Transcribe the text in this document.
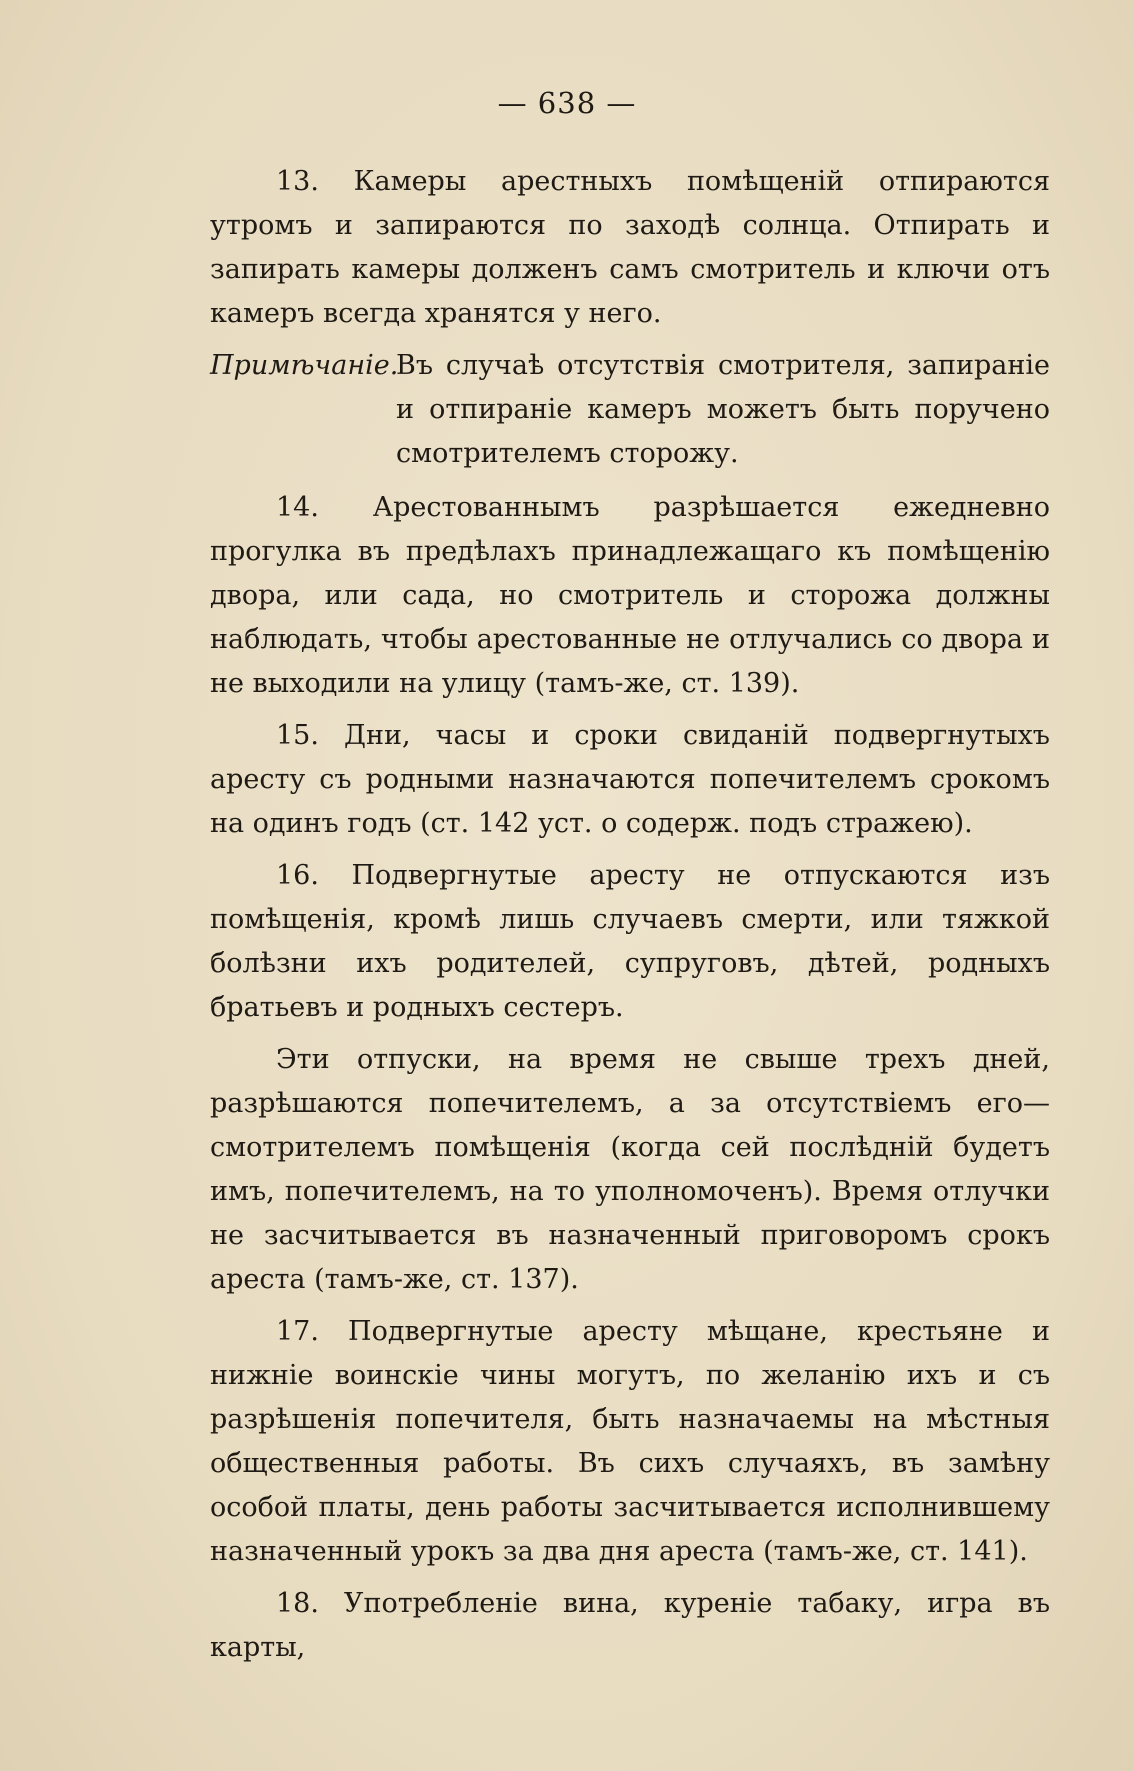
— 638 —

13. Камеры арестныхъ помѣщеній отпираются утромъ и запираются по заходѣ солнца. Отпирать и запирать камеры долженъ самъ смотритель и ключи отъ камеръ всегда хранятся у него.

Примѣчаніе.
Въ случаѣ отсутствія смотрителя, запираніе и отпираніе камеръ можетъ быть поручено смотрителемъ сторожу.

14. Арестованнымъ разрѣшается ежедневно прогулка въ предѣлахъ принадлежащаго къ помѣщенію двора, или сада, но смотритель и сторожа должны наблюдать, чтобы арестованные не отлучались со двора и не выходили на улицу (тамъ-же, ст. 139).

15. Дни, часы и сроки свиданій подвергнутыхъ аресту съ родными назначаются попечителемъ срокомъ на одинъ годъ (ст. 142 уст. о содерж. подъ стражею).

16. Подвергнутые аресту не отпускаются изъ помѣщенія, кромѣ лишь случаевъ смерти, или тяжкой болѣзни ихъ родителей, супруговъ, дѣтей, родныхъ братьевъ и родныхъ сестеръ.

Эти отпуски, на время не свыше трехъ дней, разрѣшаются попечителемъ, а за отсутствіемъ его—смотрителемъ помѣщенія (когда сей послѣдній будетъ имъ, попечителемъ, на то уполномоченъ). Время отлучки не засчитывается въ назначенный приговоромъ срокъ ареста (тамъ-же, ст. 137).

17. Подвергнутые аресту мѣщане, крестьяне и нижніе воинскіе чины могутъ, по желанію ихъ и съ разрѣшенія попечителя, быть назначаемы на мѣстныя общественныя работы. Въ сихъ случаяхъ, въ замѣну особой платы, день работы засчитывается исполнившему назначенный урокъ за два дня ареста (тамъ-же, ст. 141).

18. Употребленіе вина, куреніе табаку, игра въ карты,
